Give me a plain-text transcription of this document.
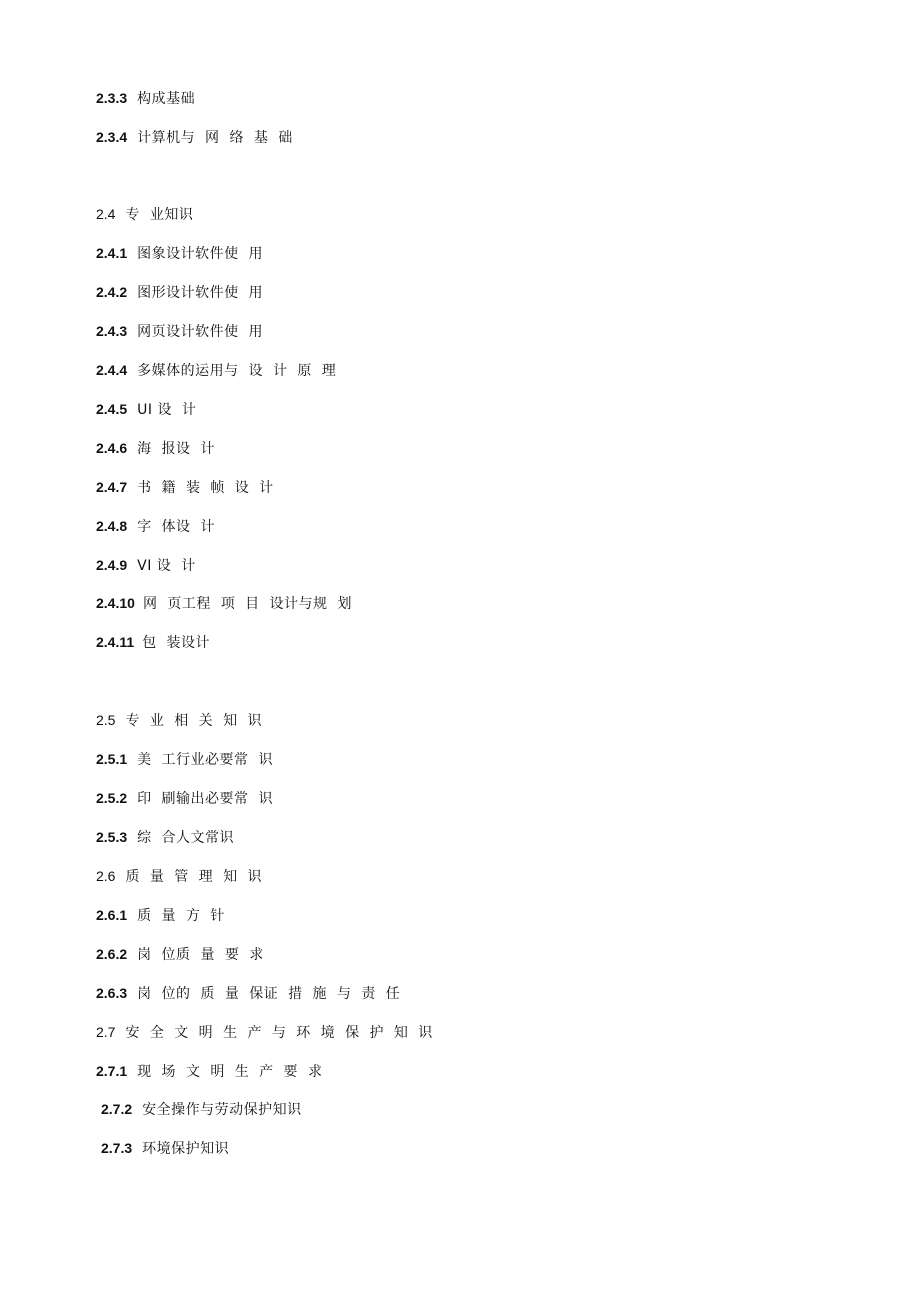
2.3.3 构成基础
2.3.4 计算机与  网  络  基  础
2.4 专  业知识
2.4.1 图象设计软件使  用
2.4.2 图形设计软件使  用
2.4.3 网页设计软件使  用
2.4.4 多媒体的运用与  设  计  原  理
2.4.5 UI 设  计
2.4.6 海  报设  计
2.4.7 书  籍  装  帧  设  计
2.4.8 字  体设  计
2.4.9 VI 设  计
2.4.10 网  页工程  项  目  设计与规  划
2.4.11 包  装设计
2.5 专  业  相  关  知  识
2.5.1 美  工行业必要常  识
2.5.2 印  刷输出必要常  识
2.5.3 综  合人文常识
2.6 质  量  管  理  知  识
2.6.1 质  量  方  针
2.6.2 岗  位质  量  要  求
2.6.3 岗  位的  质  量  保证  措  施  与  责  任
2.7 安  全  文  明  生  产  与  环  境  保  护  知  识
2.7.1 现  场  文  明  生  产  要  求
2.7.2 安全操作与劳动保护知识
2.7.3 环境保护知识
